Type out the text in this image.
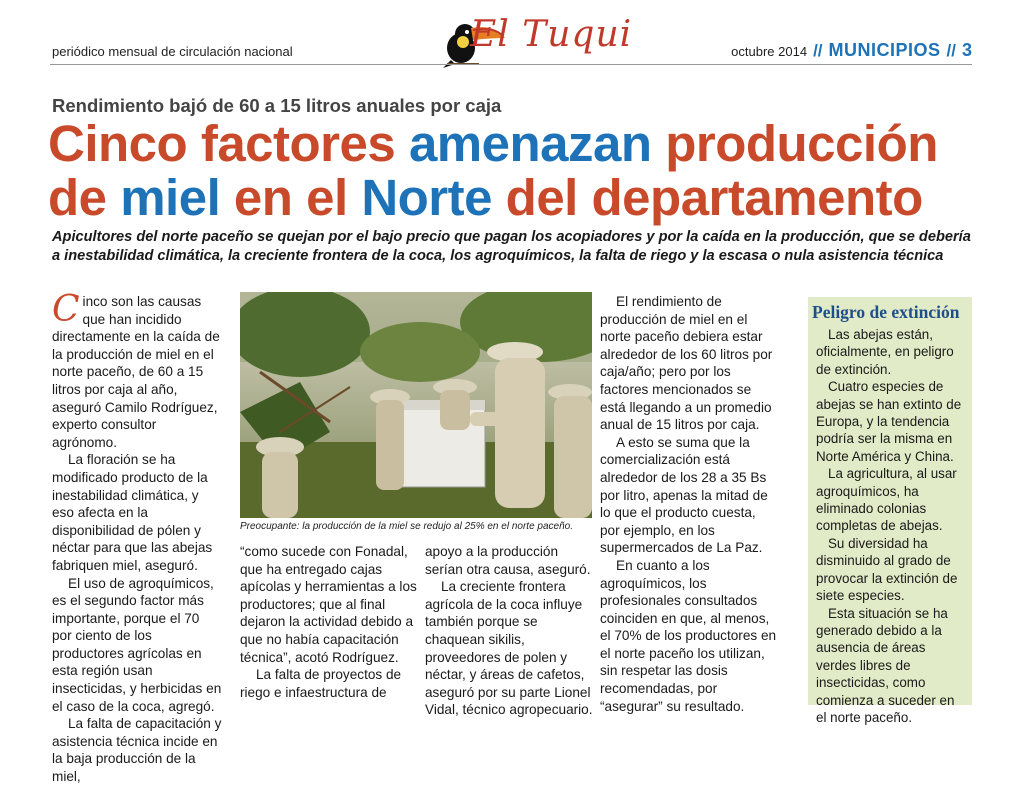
periódico mensual de circulación nacional	El Tuqui	octubre 2014 // MUNICIPIOS // 3
Rendimiento bajó de 60 a 15 litros anuales por caja
Cinco factores amenazan producción de miel en el Norte del departamento
Apicultores del norte paceño se quejan por el bajo precio que pagan los acopiadores y por la caída en la producción, que se debería a inestabilidad climática, la creciente frontera de la coca, los agroquímicos, la falta de riego y la escasa o nula asistencia técnica

Cinco son las causas que han incidido directamente en la caída de la producción de miel en el norte paceño, de 60 a 15 litros por caja al año, aseguró Camilo Rodríguez, experto consultor agrónomo.

La floración se ha modificado producto de la inestabilidad climática, y eso afecta en la disponibilidad de pólen y néctar para que las abejas fabriquen miel, aseguró.

El uso de agroquímicos, es el segundo factor más importante, porque el 70 por ciento de los productores agrícolas en esta región usan insecticidas, y herbicidas en el caso de la coca, agregó.

La falta de capacitación y asistencia técnica incide en la baja producción de la miel,

Preocupante: la producción de la miel se redujo al 25% en el norte paceño.

“como sucede con Fonadal, que ha entregado cajas apícolas y herramientas a los productores; que al final dejaron la actividad debido a que no había capacitación técnica”, acotó Rodríguez.

La falta de proyectos de riego e infaestructura de

apoyo a la producción serían otra causa, aseguró.

La creciente frontera agrícola de la coca influye también porque se chaquean sikilis, proveedores de polen y néctar, y áreas de cafetos, aseguró por su parte Lionel Vidal, técnico agropecuario.

El rendimiento de producción de miel en el norte paceño debiera estar alrededor de los 60 litros por caja/año; pero por los factores mencionados se está llegando a un promedio anual de 15 litros por caja.

A esto se suma que la comercialización está alrededor de los 28 a 35 Bs por litro, apenas la mitad de lo que el producto cuesta, por ejemplo, en los supermercados de La Paz.

En cuanto a los agroquímicos, los profesionales consultados coinciden en que, al menos, el 70% de los productores en el norte paceño los utilizan, sin respetar las dosis recomendadas, por “asegurar” su resultado.

Peligro de extinción

Las abejas están, oficialmente, en peligro de extinción.

Cuatro especies de abejas se han extinto de Europa, y la tendencia podría ser la misma en Norte América y China.

La agricultura, al usar agroquímicos, ha eliminado colonias completas de abejas.

Su diversidad ha disminuido al grado de provocar la extinción de siete especies.

Esta situación se ha generado debido a la ausencia de áreas verdes libres de insecticidas, como comienza a suceder en el norte paceño.
